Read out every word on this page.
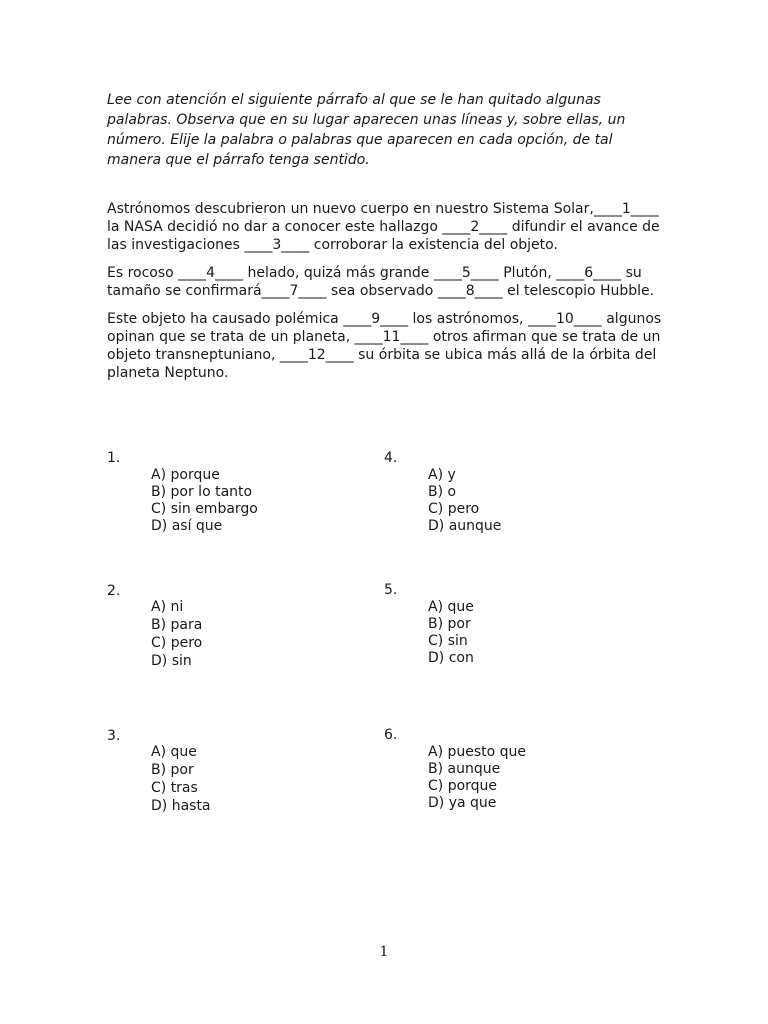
Lee con atención el siguiente párrafo al que se le han quitado algunas palabras. Observa que en su lugar aparecen unas líneas y, sobre ellas, un número. Elije la palabra o palabras que aparecen en cada opción, de tal manera que el párrafo tenga sentido.

Astrónomos descubrieron un nuevo cuerpo en nuestro Sistema Solar,____1____ la NASA decidió no dar a conocer este hallazgo ____2____ difundir el avance de las investigaciones ____3____ corroborar la existencia del objeto.

Es rocoso ____4____ helado, quizá más grande ____5____ Plutón, ____6____ su tamaño se confirmará____7____ sea observado ____8____ el telescopio Hubble.

Este objeto ha causado polémica ____9____ los astrónomos, ____10____ algunos opinan que se trata de un planeta, ____11____ otros afirman que se trata de un objeto transneptuniano, ____12____ su órbita se ubica más allá de la órbita del planeta Neptuno.

1.
A) porque
B) por lo tanto
C) sin embargo
D) así que
2.
A) ni
B) para
C) pero
D) sin
3.
A) que
B) por
C) tras
D) hasta
4.
A) y
B) o
C) pero
D) aunque
5.
A) que
B) por
C) sin
D) con
6.
A) puesto que
B) aunque
C) porque
D) ya que
1
